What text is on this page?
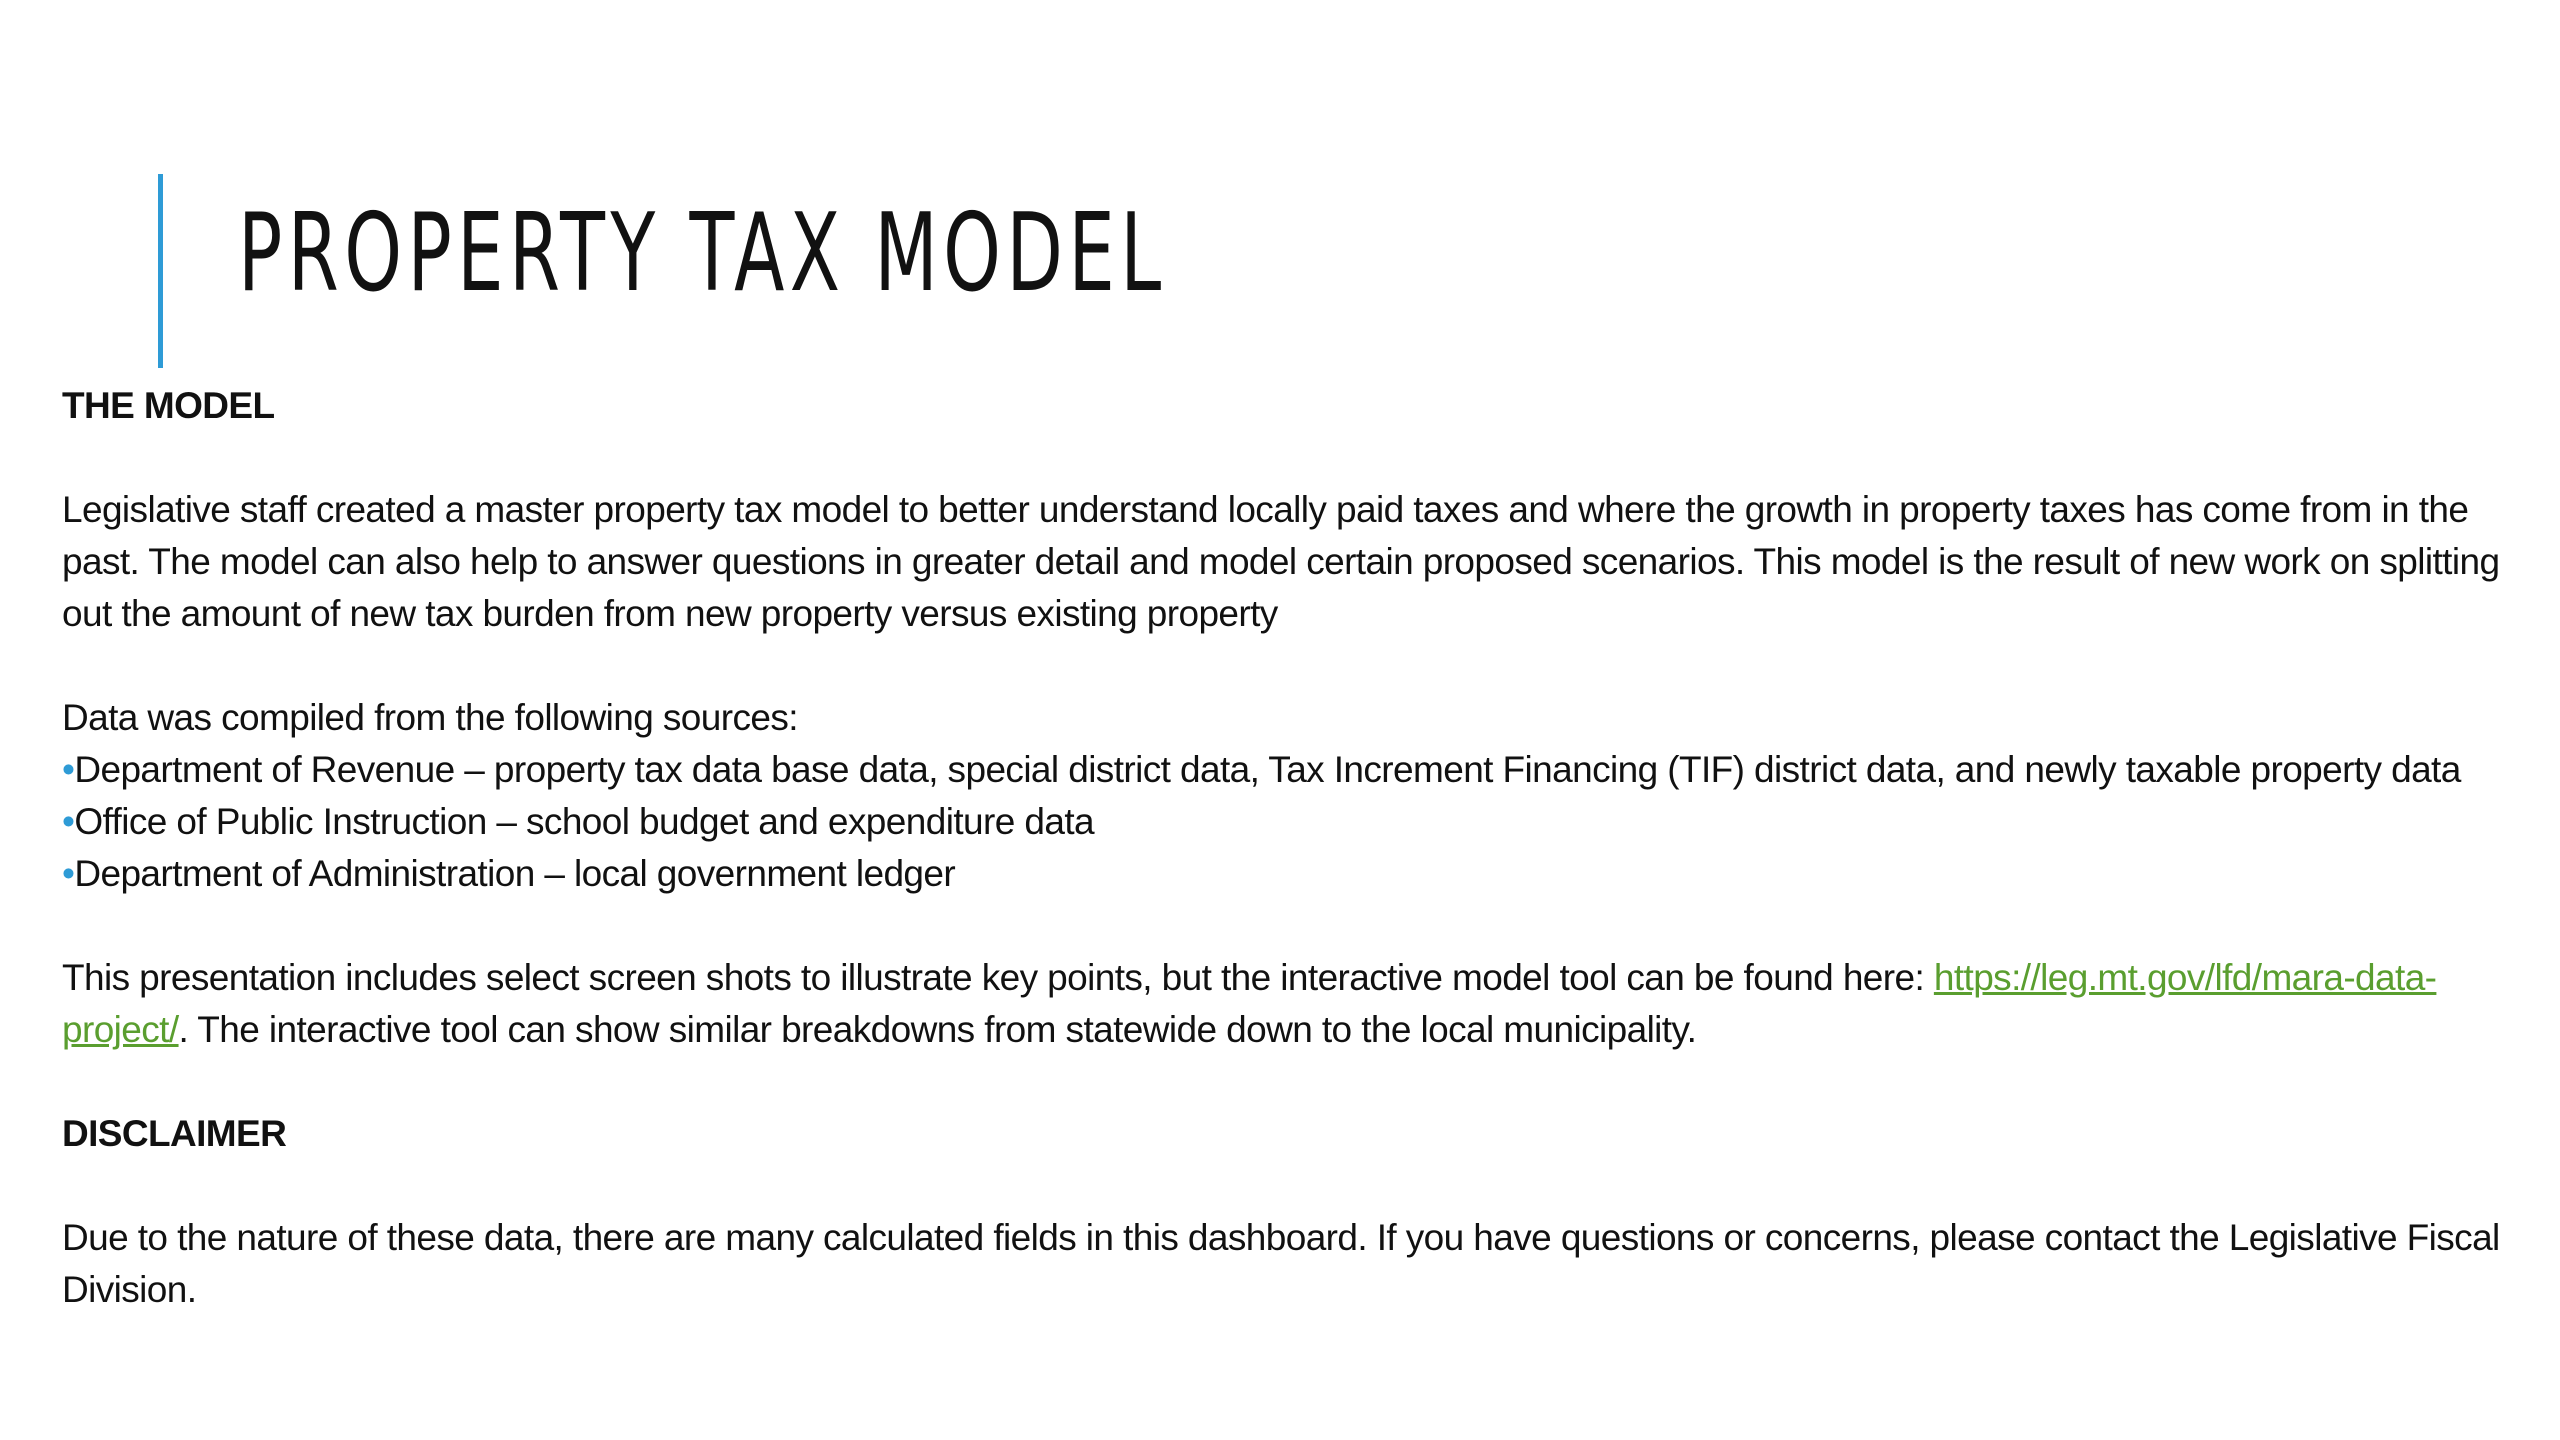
PROPERTY TAX MODEL

THE MODEL

Legislative staff created a master property tax model to better understand locally paid taxes and where the growth in property taxes has come from in the past. The model can also help to answer questions in greater detail and model certain proposed scenarios. This model is the result of new work on splitting out the amount of new tax burden from new property versus existing property

Data was compiled from the following sources:

•Department of Revenue – property tax data base data, special district data, Tax Increment Financing (TIF) district data, and newly taxable property data

•Office of Public Instruction – school budget and expenditure data

•Department of Administration – local government ledger

This presentation includes select screen shots to illustrate key points, but the interactive model tool can be found here: https://leg.mt.gov/lfd/mara-data-project/. The interactive tool can show similar breakdowns from statewide down to the local municipality.

DISCLAIMER

Due to the nature of these data, there are many calculated fields in this dashboard. If you have questions or concerns, please contact the Legislative Fiscal Division.
